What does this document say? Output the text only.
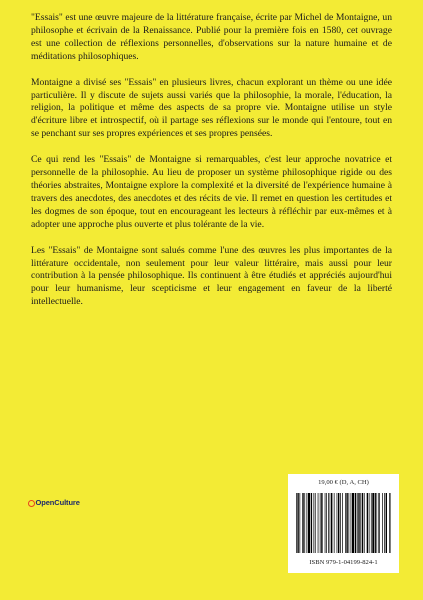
"Essais" est une œuvre majeure de la littérature française, écrite par Michel de Montaigne, un philosophe et écrivain de la Renaissance. Publié pour la première fois en 1580, cet ouvrage est une collection de réflexions personnelles, d'observations sur la nature humaine et de méditations philosophiques.

Montaigne a divisé ses "Essais" en plusieurs livres, chacun explorant un thème ou une idée particulière. Il y discute de sujets aussi variés que la philosophie, la morale, l'éducation, la religion, la politique et même des aspects de sa propre vie. Montaigne utilise un style d'écriture libre et introspectif, où il partage ses réflexions sur le monde qui l'entoure, tout en se penchant sur ses propres expériences et ses propres pensées.

Ce qui rend les "Essais" de Montaigne si remarquables, c'est leur approche novatrice et personnelle de la philosophie. Au lieu de proposer un système philosophique rigide ou des théories abstraites, Montaigne explore la complexité et la diversité de l'expérience humaine à travers des anecdotes, des anecdotes et des récits de vie. Il remet en question les certitudes et les dogmes de son époque, tout en encourageant les lecteurs à réfléchir par eux-mêmes et à adopter une approche plus ouverte et plus tolérante de la vie.

Les "Essais" de Montaigne sont salués comme l'une des œuvres les plus importantes de la littérature occidentale, non seulement pour leur valeur littéraire, mais aussi pour leur contribution à la pensée philosophique. Ils continuent à être étudiés et appréciés aujourd'hui pour leur humanisme, leur scepticisme et leur engagement en faveur de la liberté intellectuelle.

OpenCulture
19,00 € (D, A, CH)
ISBN 979-1-04199-824-1
